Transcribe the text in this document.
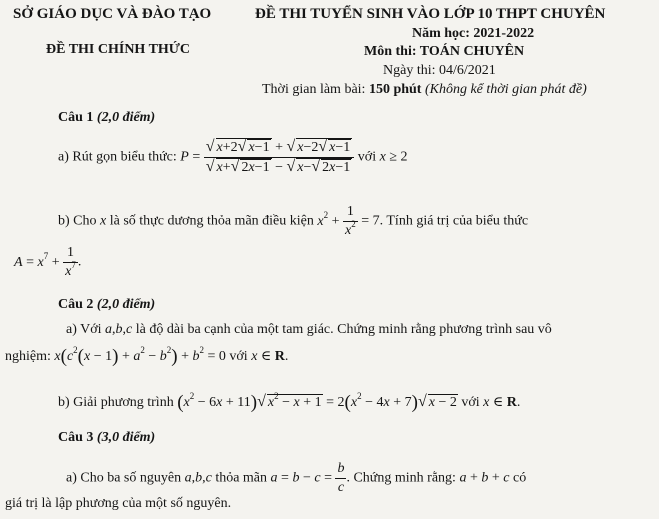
SỞ GIÁO DỤC VÀ ĐÀO TẠO	ĐỀ THI TUYỂN SINH VÀO LỚP 10 THPT CHUYÊN
Năm học: 2021-2022
ĐỀ THI CHÍNH THỨC	Môn thi: TOÁN CHUYÊN
Ngày thi: 04/6/2021
Thời gian làm bài: 150 phút (Không kể thời gian phát đề)
Câu 1 (2,0 điểm)
a) Rút gọn biểu thức: $P = \frac{√ x+2√ x-1 + √ x-2√ x-1}{√ x+√ 2x-1 - √ x-√ 2x-1}$ với x ≥ 2
b) Cho x là số thực dương thỏa mãn điều kiện $x^2 + \frac{1}{x^2} = 7$. Tính giá trị của biểu thức
$A = x^7 + \frac{1}{x^7}$ .
Câu 2 (2,0 điểm)
a) Với a,b,c là độ dài ba cạnh của một tam giác. Chứng minh rằng phương trình sau vô
nghiệm: $x(c^2(x - 1) + a^2 - b^2) + b^2 = 0$ với x ∈ R.
b) Giải phương trình $(x^2 - 6x + 11)√$ $x^2 - x + 1 = 2(x^2 - 4x + 7)√$ x − 2 với x ∈ R.
Câu 3 (3,0 điểm)
a) Cho ba số nguyên a,b,c thỏa mãn $a = b - c = \frac{b}{c}$ . Chứng minh rằng: a + b + c có
giá trị là lập phương của một số nguyên.
